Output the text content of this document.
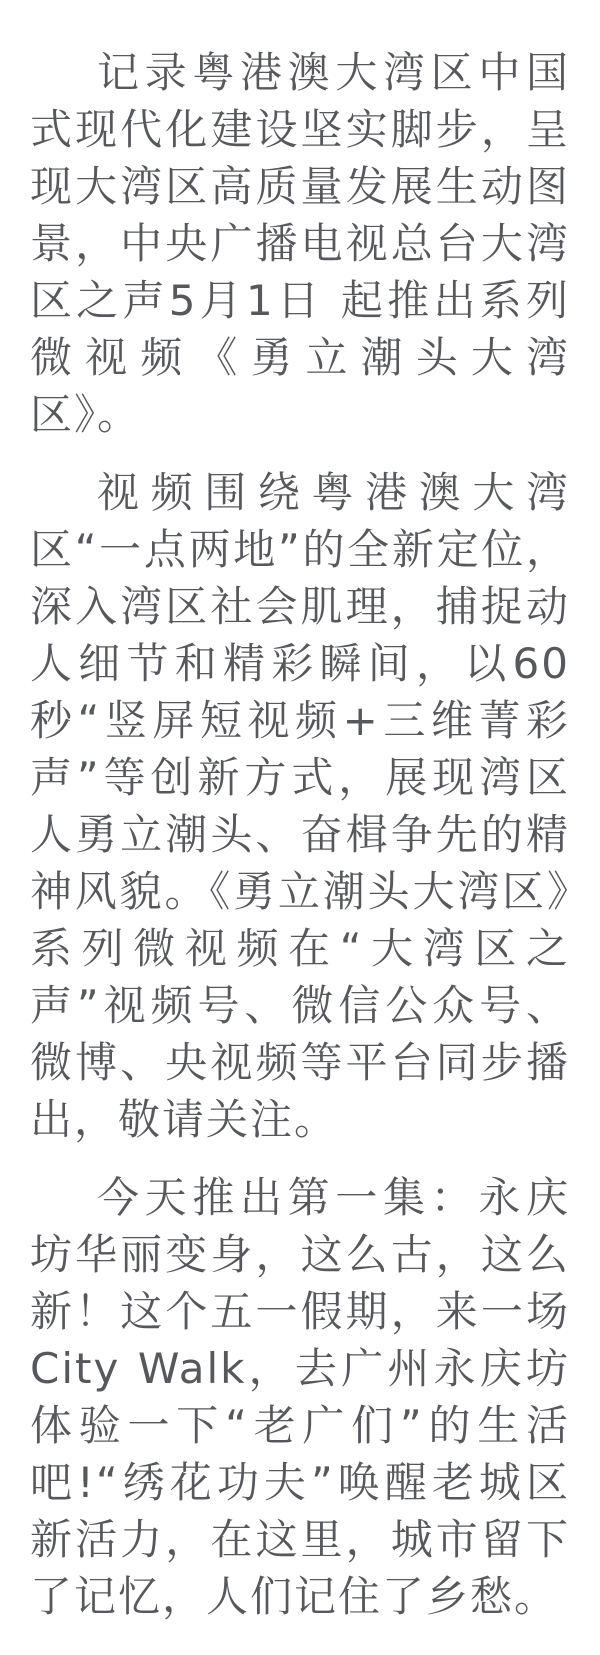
记录粤港澳大湾区中国式现代化建设坚实脚步，呈现大湾区高质量发展生动图景，中央广播电视总台大湾区之声5月1日 起推出系列微视频《勇立潮头大湾区》。

视频围绕粤港澳大湾区“一点两地”的全新定位，深入湾区社会肌理，捕捉动人细节和精彩瞬间，以60 秒“竖屏短视频+三维菁彩声”等创新方式，展现湾区人勇立潮头、奋楫争先的精神风貌。《勇立潮头大湾区》系列微视频在“大湾区之声”视频号、微信公众号、微博、央视频等平台同步播出，敬请关注。

今天推出第一集：永庆坊华丽变身，这么古，这么新！这个五一假期，来一场 City Walk，去广州永庆坊体验一下“老广们”的生活吧!“绣花功夫”唤醒老城区新活力，在这里，城市留下了记忆，人们记住了乡愁。
